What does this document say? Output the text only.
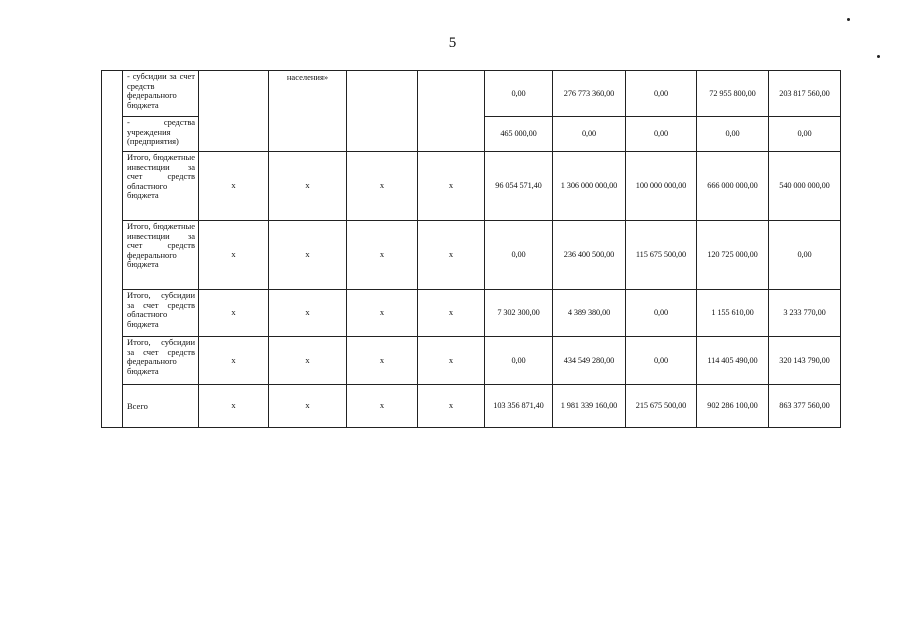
5
	- субсидии за счет средств федерального бюджета		населения»			0,00	276 773 360,00	0,00	72 955 800,00	203 817 560,00
	- средства учреждения (предприятия)					465 000,00	0,00	0,00	0,00	0,00
	Итого, бюджетные инвестиции за счет средств областного бюджета	х	х	х	х	96 054 571,40	1 306 000 000,00	100 000 000,00	666 000 000,00	540 000 000,00
	Итого, бюджетные инвестиции за счет средств федерального бюджета	х	х	х	х	0,00	236 400 500,00	115 675 500,00	120 725 000,00	0,00
	Итого, субсидии за счет средств областного бюджета	х	х	х	х	7 302 300,00	4 389 380,00	0,00	1 155 610,00	3 233 770,00
	Итого, субсидии за счет средств федерального бюджета	х	х	х	х	0,00	434 549 280,00	0,00	114 405 490,00	320 143 790,00
	Всего	х	х	х	х	103 356 871,40	1 981 339 160,00	215 675 500,00	902 286 100,00	863 377 560,00
